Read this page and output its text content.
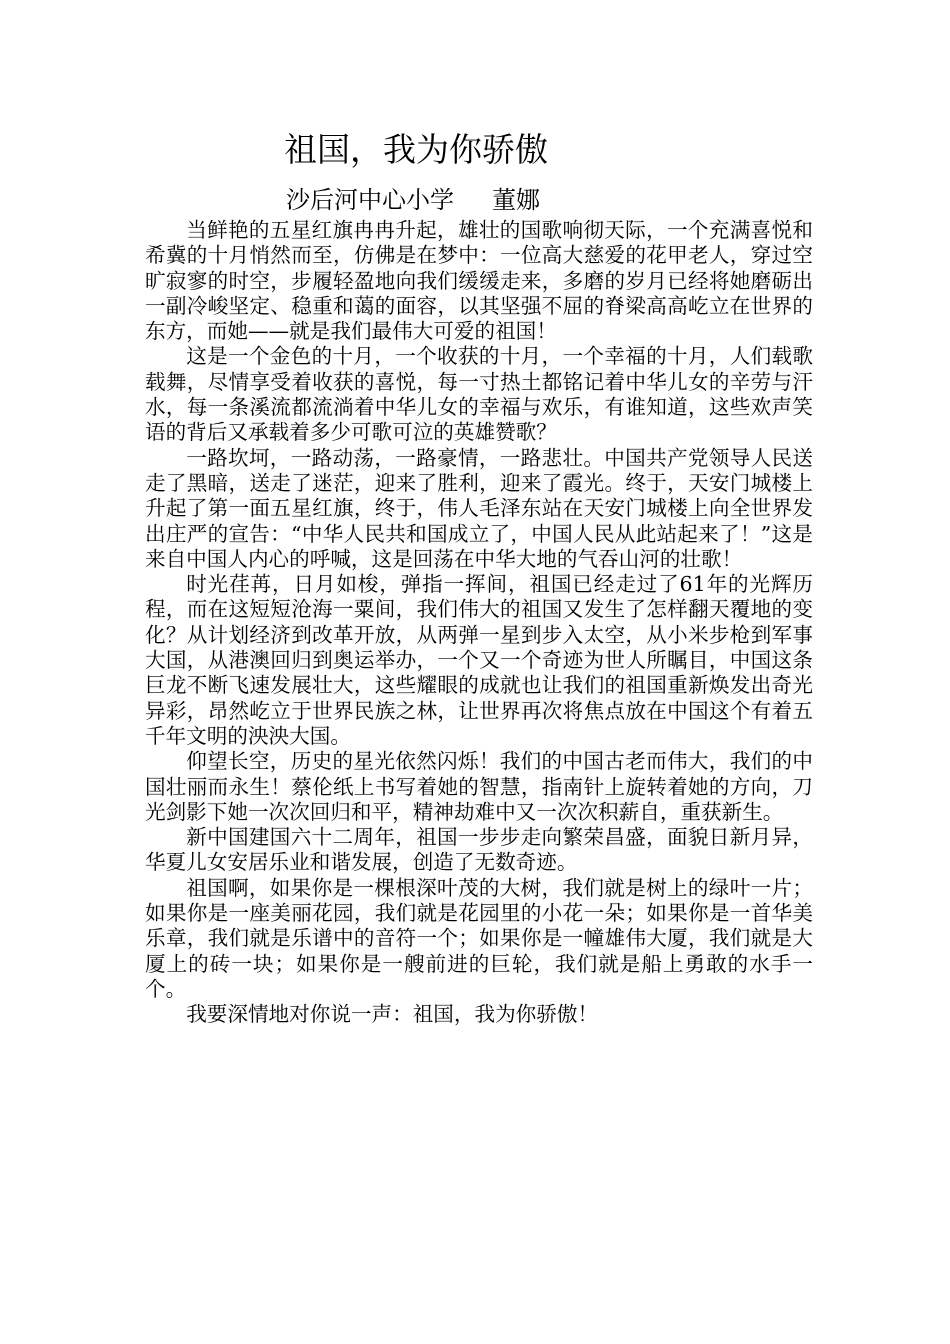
祖国，我为你骄傲
沙后河中心小学 董娜

当鲜艳的五星红旗冉冉升起，雄壮的国歌响彻天际，一个充满喜悦和希冀的十月悄然而至，仿佛是在梦中：一位高大慈爱的花甲老人，穿过空旷寂寥的时空，步履轻盈地向我们缓缓走来，多磨的岁月已经将她磨砺出一副冷峻坚定、稳重和蔼的面容，以其坚强不屈的脊梁高高屹立在世界的东方，而她——就是我们最伟大可爱的祖国！

这是一个金色的十月，一个收获的十月，一个幸福的十月，人们载歌载舞，尽情享受着收获的喜悦，每一寸热土都铭记着中华儿女的辛劳与汗水，每一条溪流都流淌着中华儿女的幸福与欢乐，有谁知道，这些欢声笑语的背后又承载着多少可歌可泣的英雄赞歌？

一路坎坷，一路动荡，一路豪情，一路悲壮。中国共产党领导人民送走了黑暗，送走了迷茫，迎来了胜利，迎来了霞光。终于，天安门城楼上升起了第一面五星红旗，终于，伟人毛泽东站在天安门城楼上向全世界发出庄严的宣告：“中华人民共和国成立了，中国人民从此站起来了！”这是来自中国人内心的呼喊，这是回荡在中华大地的气吞山河的壮歌！

时光荏苒，日月如梭，弹指一挥间，祖国已经走过了61年的光辉历程，而在这短短沧海一粟间，我们伟大的祖国又发生了怎样翻天覆地的变化？从计划经济到改革开放，从两弹一星到步入太空，从小米步枪到军事大国，从港澳回归到奥运举办，一个又一个奇迹为世人所瞩目，中国这条巨龙不断飞速发展壮大，这些耀眼的成就也让我们的祖国重新焕发出奇光异彩，昂然屹立于世界民族之林，让世界再次将焦点放在中国这个有着五千年文明的泱泱大国。

仰望长空，历史的星光依然闪烁！我们的中国古老而伟大，我们的中国壮丽而永生！蔡伦纸上书写着她的智慧，指南针上旋转着她的方向，刀光剑影下她一次次回归和平，精神劫难中又一次次积薪自，重获新生。

新中国建国六十二周年，祖国一步步走向繁荣昌盛，面貌日新月异，华夏儿女安居乐业和谐发展，创造了无数奇迹。

祖国啊，如果你是一棵根深叶茂的大树，我们就是树上的绿叶一片；如果你是一座美丽花园，我们就是花园里的小花一朵；如果你是一首华美乐章，我们就是乐谱中的音符一个；如果你是一幢雄伟大厦，我们就是大厦上的砖一块；如果你是一艘前进的巨轮，我们就是船上勇敢的水手一个。

我要深情地对你说一声：祖国，我为你骄傲！
